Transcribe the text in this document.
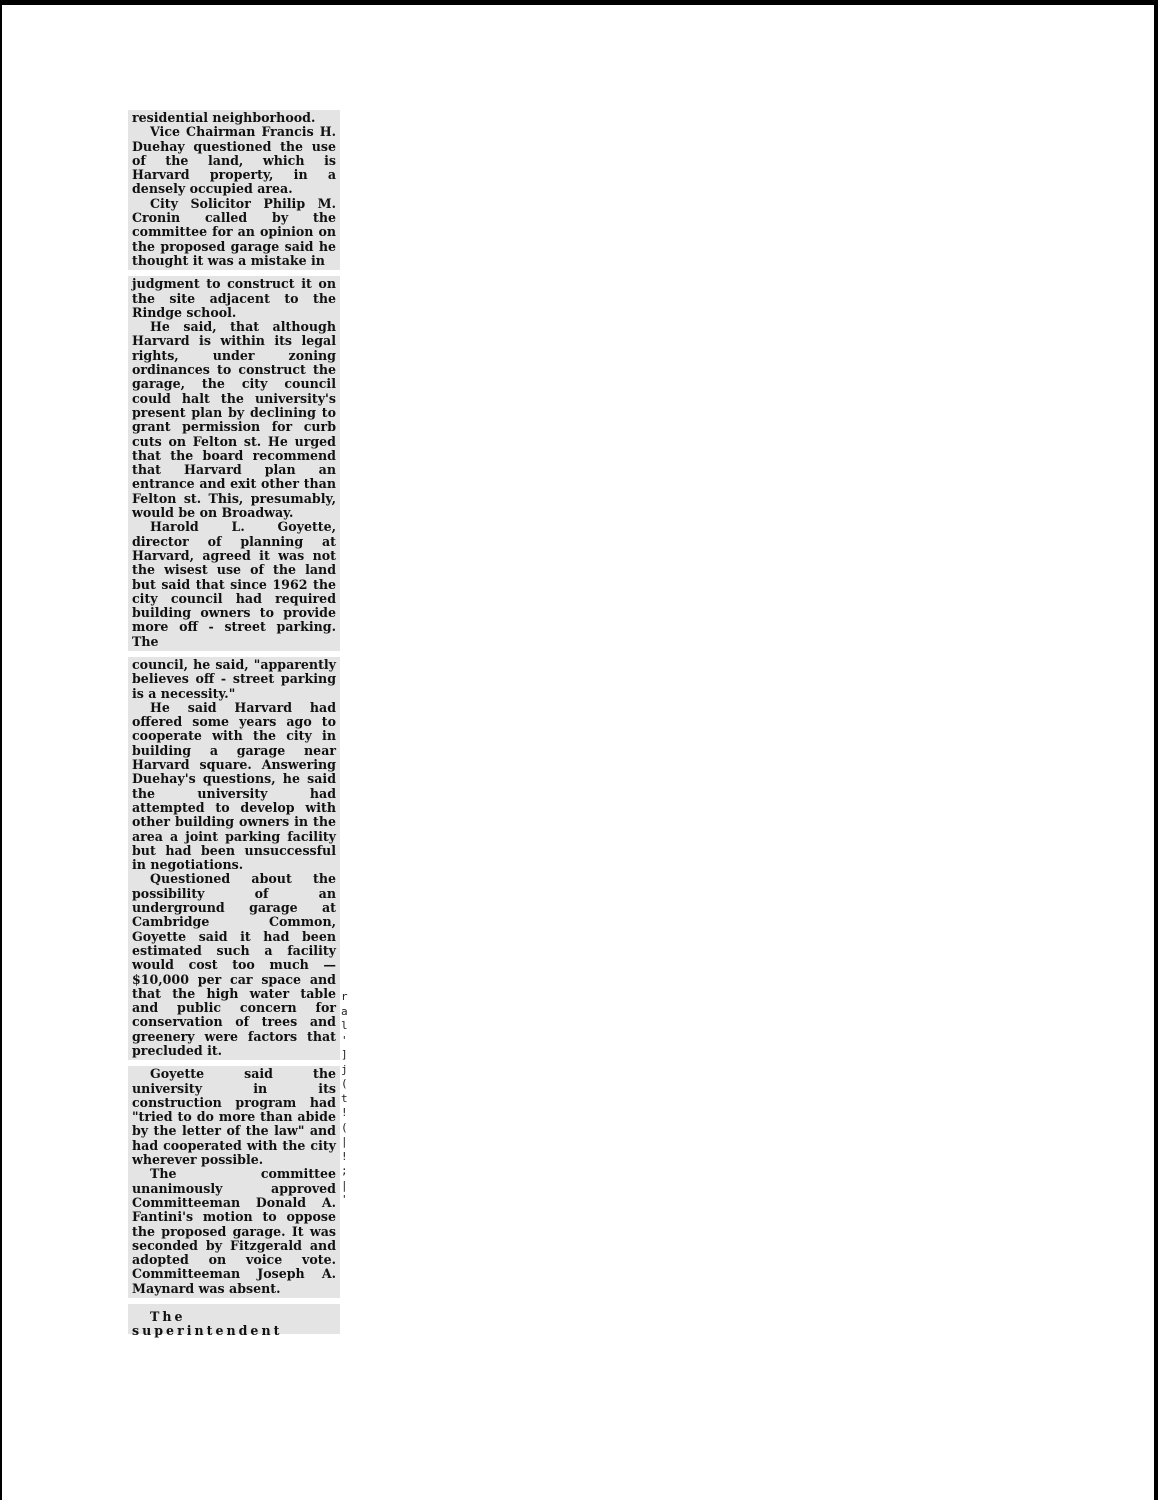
residential neighborhood.

Vice Chairman Francis H. Duehay questioned the use of the land, which is Harvard property, in a densely occupied area.

City Solicitor Philip M. Cronin called by the committee for an opinion on the proposed garage said he thought it was a mistake in

judgment to construct it on the site adjacent to the Rindge school.

He said, that although Harvard is within its legal rights, under zoning ordinances to construct the garage, the city council could halt the university's present plan by declining to grant permission for curb cuts on Felton st. He urged that the board recommend that Harvard plan an entrance and exit other than Felton st. This, presumably, would be on Broadway.

Harold L. Goyette, director of planning at Harvard, agreed it was not the wisest use of the land but said that since 1962 the city council had required building owners to provide more off - street parking. The

council, he said, "apparently believes off - street parking is a necessity."

He said Harvard had offered some years ago to cooperate with the city in building a garage near Harvard square. Answering Duehay's questions, he said the university had attempted to develop with other building owners in the area a joint parking facility but had been unsuccessful in negotiations.

Questioned about the possibility of an underground garage at Cambridge Common, Goyette said it had been estimated such a facility would cost too much — $10,000 per car space and that the high water table and public concern for conservation of trees and greenery were factors that precluded it.

Goyette said the university in its construction program had "tried to do more than abide by the letter of the law" and had cooperated with the city wherever possible.

The committee unanimously approved Committeeman Donald A. Fantini's motion to oppose the proposed garage. It was seconded by Fitzgerald and adopted on voice vote. Committeeman Joseph A. Maynard was absent.

The superintendent
r
a
l
'
]
j
(
t
!
(
|
!
;
|
'
